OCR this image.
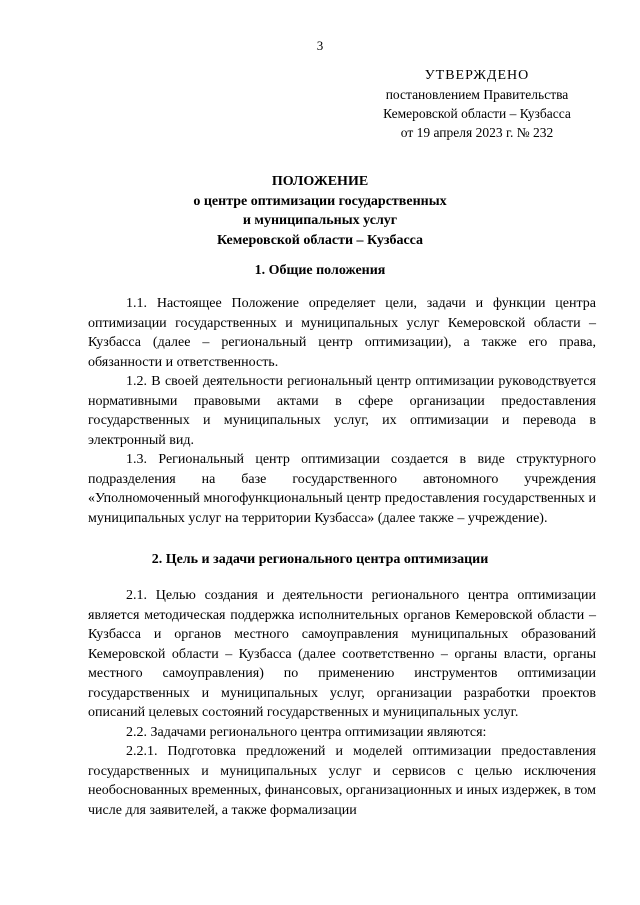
3
УТВЕРЖДЕНО
постановлением Правительства
Кемеровской области – Кузбасса
от 19 апреля 2023 г. № 232
ПОЛОЖЕНИЕ
о центре оптимизации государственных
и муниципальных услуг
Кемеровской области – Кузбасса
1. Общие положения

1.1. Настоящее Положение определяет цели, задачи и функции центра оптимизации государственных и муниципальных услуг Кемеровской области – Кузбасса (далее – региональный центр оптимизации), а также его права, обязанности и ответственность.

1.2. В своей деятельности региональный центр оптимизации руководствуется нормативными правовыми актами в сфере организации предоставления государственных и муниципальных услуг, их оптимизации и перевода в электронный вид.

1.3. Региональный центр оптимизации создается в виде структурного подразделения на базе государственного автономного учреждения «Уполномоченный многофункциональный центр предоставления государственных и муниципальных услуг на территории Кузбасса» (далее также – учреждение).

2. Цель и задачи регионального центра оптимизации

2.1. Целью создания и деятельности регионального центра оптимизации является методическая поддержка исполнительных органов Кемеровской области – Кузбасса и органов местного самоуправления муниципальных образований Кемеровской области – Кузбасса (далее соответственно – органы власти, органы местного самоуправления) по применению инструментов оптимизации государственных и муниципальных услуг, организации разработки проектов описаний целевых состояний государственных и муниципальных услуг.

2.2. Задачами регионального центра оптимизации являются:

2.2.1. Подготовка предложений и моделей оптимизации предоставления государственных и муниципальных услуг и сервисов с целью исключения необоснованных временных, финансовых, организационных и иных издержек, в том числе для заявителей, а также формализации
